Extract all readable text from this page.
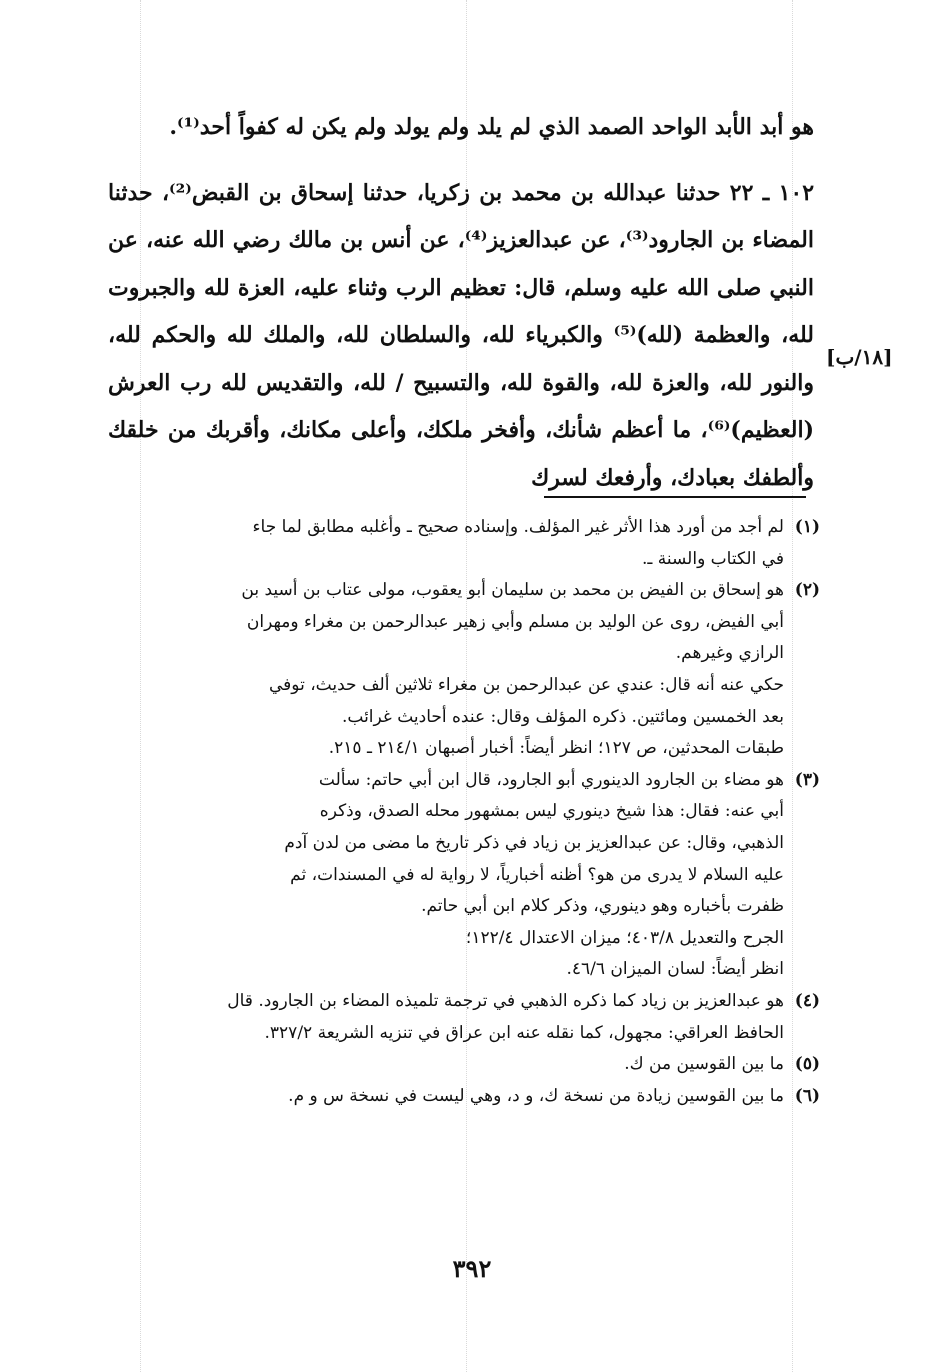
هو أبد الأبد الواحد الصمد الذي لم يلد ولم يولد ولم يكن له كفواً أحد⁽¹⁾.

١٠٢ ـ ٢٢ حدثنا عبدالله بن محمد بن زكريا، حدثنا إسحاق بن القبض⁽²⁾، حدثنا المضاء بن الجارود⁽³⁾، عن عبدالعزيز⁽⁴⁾، عن أنس بن مالك رضي الله عنه، عن النبي صلى الله عليه وسلم، قال: تعظيم الرب وثناء عليه، العزة لله والجبروت لله، والعظمة (لله)⁽⁵⁾ والكبرياء لله، والسلطان لله، والملك لله والحكم لله، والنور لله، والعزة لله، والقوة لله، والتسبيح / لله، والتقديس لله رب العرش (العظيم)⁽⁶⁾، ما أعظم شأنك، وأفخر ملكك، وأعلى مكانك، وأقربك من خلقك وألطفك بعبادك، وأرفعك لسرك

[١٨/ب]
(١)
لم أجد من أورد هذا الأثر غير المؤلف. وإسناده صحيح ـ وأغلبه مطابق لما جاء
في الكتاب والسنة ـ.
(٢)
هو إسحاق بن الفيض بن محمد بن سليمان أبو يعقوب، مولى عتاب بن أسيد بن
أبي الفيض، روى عن الوليد بن مسلم وأبي زهير عبدالرحمن بن مغراء ومهران
الرازي وغيرهم.
حكي عنه أنه قال: عندي عن عبدالرحمن بن مغراء ثلاثين ألف حديث، توفي
بعد الخمسين ومائتين. ذكره المؤلف وقال: عنده أحاديث غرائب.
طبقات المحدثين، ص ١٢٧؛ انظر أيضاً: أخبار أصبهان ٢١٤/١ ـ ٢١٥.
(٣)
هو مضاء بن الجارود الدينوري أبو الجارود، قال ابن أبي حاتم: سألت
أبي عنه: فقال: هذا شيخ دينوري ليس بمشهور محله الصدق، وذكره
الذهبي، وقال: عن عبدالعزيز بن زياد في ذكر تاريخ ما مضى من لدن آدم
عليه السلام لا يدرى من هو؟ أظنه أخبارياً، لا رواية له في المسندات، ثم
ظفرت بأخباره وهو دينوري، وذكر كلام ابن أبي حاتم.
الجرح والتعديل ٤٠٣/٨؛ ميزان الاعتدال ١٢٢/٤؛
انظر أيضاً: لسان الميزان ٤٦/٦.
(٤)
هو عبدالعزيز بن زياد كما ذكره الذهبي في ترجمة تلميذه المضاء بن الجارود. قال
الحافظ العراقي: مجهول، كما نقله عنه ابن عراق في تنزيه الشريعة ٣٢٧/٢.
(٥)
ما بين القوسين من ك.
(٦)
ما بين القوسين زيادة من نسخة ك، و د، وهي ليست في نسخة س و م.
٣٩٢
